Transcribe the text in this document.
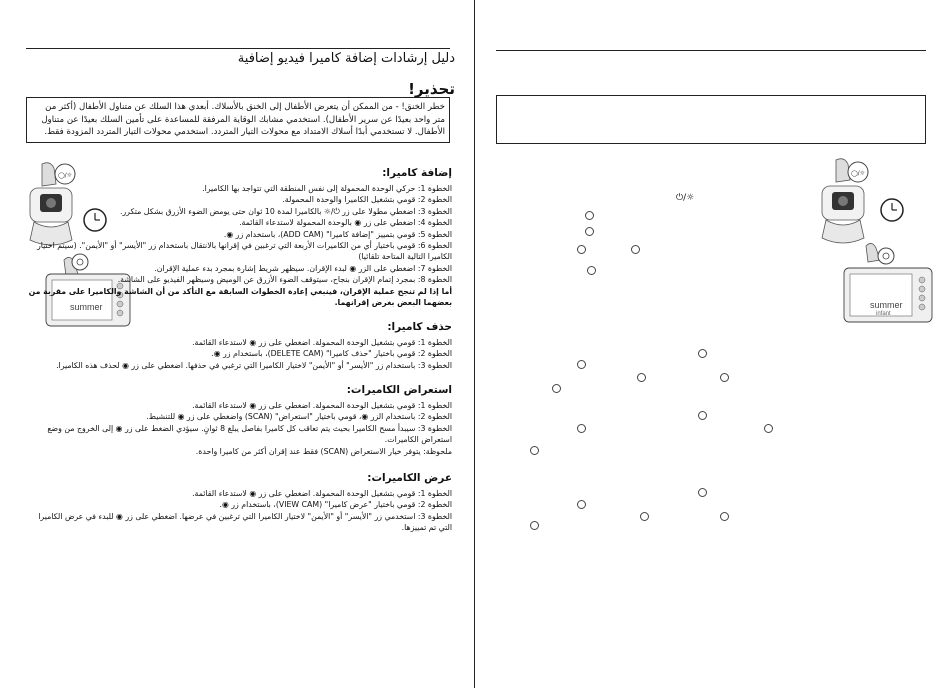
دليل إرشادات إضافة كاميرا فيديو إضافية
تحذير!
خطر الخنق! - من الممكن أن يتعرض الأطفال إلى الخنق بالأسلاك. أبعدي هذا السلك عن متناول الأطفال (أكثر من متر واحد بعيدًا عن سرير الأطفال). استخدمي مشابك الوقاية المرفقة للمساعدة على تأمين السلك بعيدًا عن متناول الأطفال. لا تستخدمي أبدًا أسلاك الامتداد مع محولات التيار المتردد. استخدمي محولات التيار المتردد المزودة فقط.
◯/☼
summer
إضافة كاميرا:

الخطوة 1: حركي الوحدة المحمولة إلى نفس المنطقة التي تتواجد بها الكاميرا.

الخطوة 2: قومي بتشغيل الكاميرا والوحدة المحمولة.

الخطوة 3: اضغطي مطولا على زر ⏻/☼ بالكاميرا لمدة 10 ثوان حتى يومض الضوء الأزرق بشكل متكرر.

الخطوة 4: اضغطي على زر ◉ بالوحدة المحمولة لاستدعاء القائمة.

الخطوة 5: قومي بتمييز "إضافة كاميرا" (ADD CAM)، باستخدام زر ◉.

الخطوة 6: قومي باختيار أي من الكاميرات الأربعة التي ترغبين في إقرانها بالانتقال باستخدام زر "الأيسر" أو "الأيمن". (سيتم اختيار الكاميرا التالية المتاحة تلقائيا)

الخطوة 7: اضغطي على الزر ◉ لبدء الإقران. سيظهر شريط إشارة بمجرد بدء عملية الإقران.

الخطوة 8: بمجرد إتمام الإقران بنجاح، سيتوقف الضوء الأزرق عن الوميض وسيظهر الفيديو على الشاشة.

أما إذا لم تنجح عملية الإقران، فينبغي إعادة الخطوات السابقة مع التأكد من أن الشاشة والكاميرا على مقربة من بعضهما البعض بغرض إقرانهما.

حذف كاميرا:

الخطوة 1: قومي بتشغيل الوحدة المحمولة. اضغطي على زر ◉ لاستدعاء القائمة.

الخطوة 2: قومي باختيار "حذف كاميرا" (DELETE CAM)، باستخدام زر ◉.

الخطوة 3: باستخدام زر "الأيسر" أو "الأيمن" لاختيار الكاميرا التي ترغبي في حذفها. اضغطي على زر ◉ لحذف هذه الكاميرا.

استعراض الكاميرات:

الخطوة 1: قومي بتشغيل الوحدة المحمولة. اضغطي على زر ◉ لاستدعاء القائمة.

الخطوة 2: باستخدام الزر ◉، قومي باختيار "استعراض" (SCAN) واضغطي على زر ◉ للتنشيط.

الخطوة 3: سيبدأ مسح الكاميرا بحيث يتم تعاقب كل كاميرا بفاصل يبلغ 8 ثوانٍ. سيؤدي الضغط على زر ◉ إلى الخروج من وضع استعراض الكاميرات.

ملحوظة: يتوفر خيار الاستعراض (SCAN) فقط عند إقران أكثر من كاميرا واحدة.

عرض الكاميرات:

الخطوة 1: قومي بتشغيل الوحدة المحمولة. اضغطي على زر ◉ لاستدعاء القائمة.

الخطوة 2: قومي باختيار "عرض كاميرا" (VIEW CAM)، باستخدام زر ◉.

الخطوة 3: استخدمي زر "الأيسر" أو "الأيمن" لاختيار الكاميرا التي ترغبين في عرضها. اضغطي على زر ◉ للبدء في عرض الكاميرا التي تم تمييزها.

◯/☼
summer
infant
⏻/☼
